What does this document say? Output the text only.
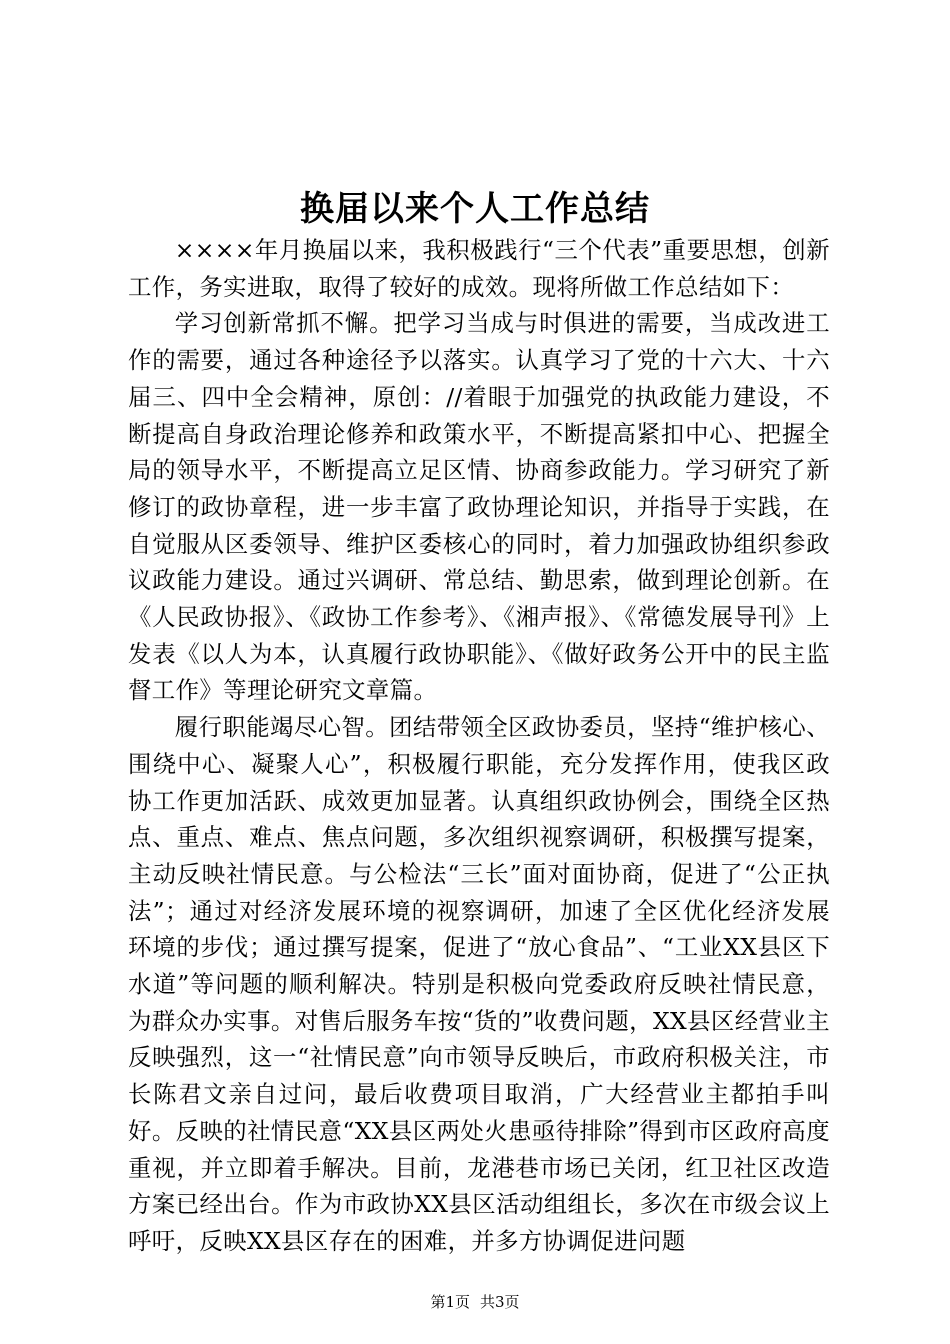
换届以来个人工作总结

××××年月换届以来，我积极践行“三个代表”重要思想，创新工作，务实进取，取得了较好的成效。现将所做工作总结如下：

学习创新常抓不懈。把学习当成与时俱进的需要，当成改进工作的需要，通过各种途径予以落实。认真学习了党的十六大、十六届三、四中全会精神，原创：//着眼于加强党的执政能力建设，不断提高自身政治理论修养和政策水平，不断提高紧扣中心、把握全局的领导水平，不断提高立足区情、协商参政能力。学习研究了新修订的政协章程，进一步丰富了政协理论知识，并指导于实践，在自觉服从区委领导、维护区委核心的同时，着力加强政协组织参政议政能力建设。通过兴调研、常总结、勤思索，做到理论创新。在《人民政协报》、《政协工作参考》、《湘声报》、《常德发展导刊》上发表《以人为本，认真履行政协职能》、《做好政务公开中的民主监督工作》等理论研究文章篇。

履行职能竭尽心智。团结带领全区政协委员，坚持“维护核心、围绕中心、凝聚人心”，积极履行职能，充分发挥作用，使我区政协工作更加活跃、成效更加显著。认真组织政协例会，围绕全区热点、重点、难点、焦点问题，多次组织视察调研，积极撰写提案，主动反映社情民意。与公检法“三长”面对面协商，促进了“公正执法”；通过对经济发展环境的视察调研，加速了全区优化经济发展环境的步伐；通过撰写提案，促进了“放心食品”、“工业XX县区下水道”等问题的顺利解决。特别是积极向党委政府反映社情民意，为群众办实事。对售后服务车按“货的”收费问题，XX县区经营业主反映强烈，这一“社情民意”向市领导反映后，市政府积极关注，市长陈君文亲自过问，最后收费项目取消，广大经营业主都拍手叫好。反映的社情民意“XX县区两处火患亟待排除”得到市区政府高度重视，并立即着手解决。目前，龙港巷市场已关闭，红卫社区改造方案已经出台。作为市政协XX县区活动组组长，多次在市级会议上呼吁，反映XX县区存在的困难，并多方协调促进问题

第1页 共3页
